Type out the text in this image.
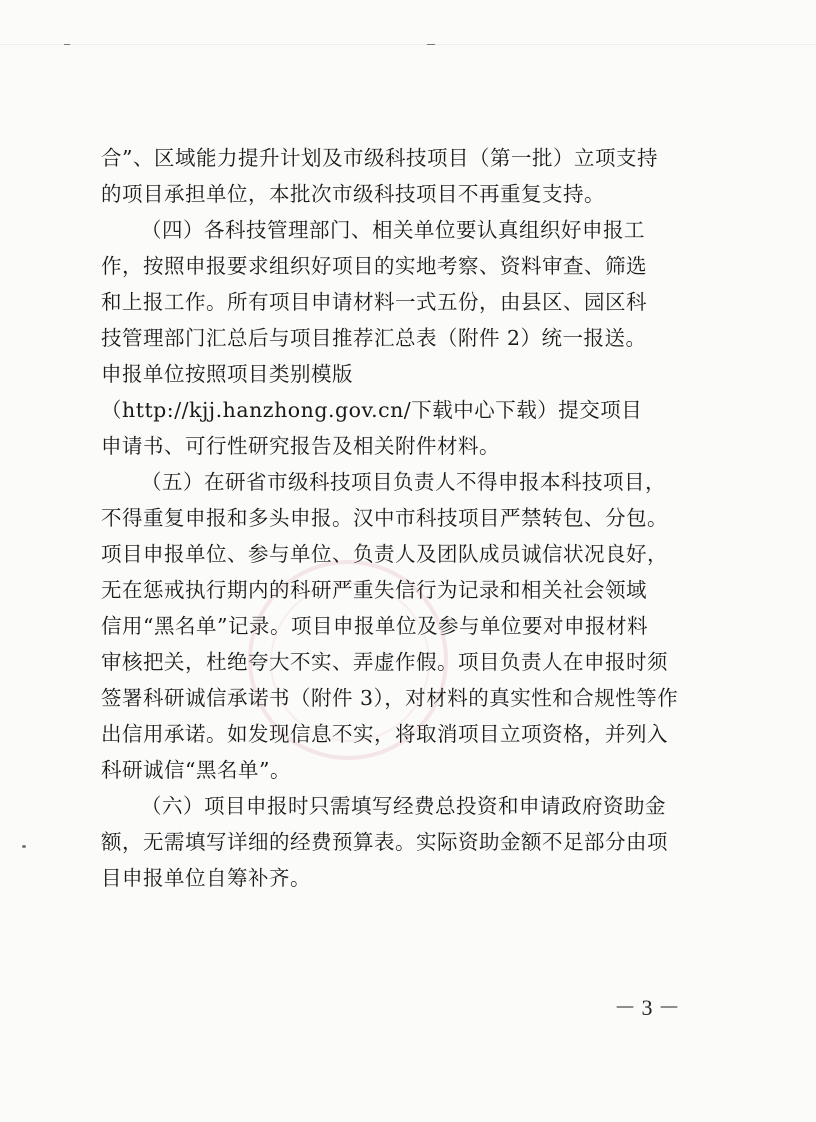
合”、区域能力提升计划及市级科技项目（第一批）立项支持
的项目承担单位，本批次市级科技项目不再重复支持。
（四）各科技管理部门、相关单位要认真组织好申报工
作，按照申报要求组织好项目的实地考察、资料审查、筛选
和上报工作。所有项目申请材料一式五份，由县区、园区科
技管理部门汇总后与项目推荐汇总表（附件 2）统一报送。
申报单位按照项目类别模版
（http://kjj.hanzhong.gov.cn/下载中心下载）提交项目
申请书、可行性研究报告及相关附件材料。
（五）在研省市级科技项目负责人不得申报本科技项目，
不得重复申报和多头申报。汉中市科技项目严禁转包、分包。
项目申报单位、参与单位、负责人及团队成员诚信状况良好，
无在惩戒执行期内的科研严重失信行为记录和相关社会领域
信用“黑名单”记录。项目申报单位及参与单位要对申报材料
审核把关，杜绝夸大不实、弄虚作假。项目负责人在申报时须
签署科研诚信承诺书（附件 3），对材料的真实性和合规性等作
出信用承诺。如发现信息不实，将取消项目立项资格，并列入
科研诚信“黑名单”。
（六）项目申报时只需填写经费总投资和申请政府资助金
额，无需填写详细的经费预算表。实际资助金额不足部分由项
目申报单位自筹补齐。
－ 3 －
